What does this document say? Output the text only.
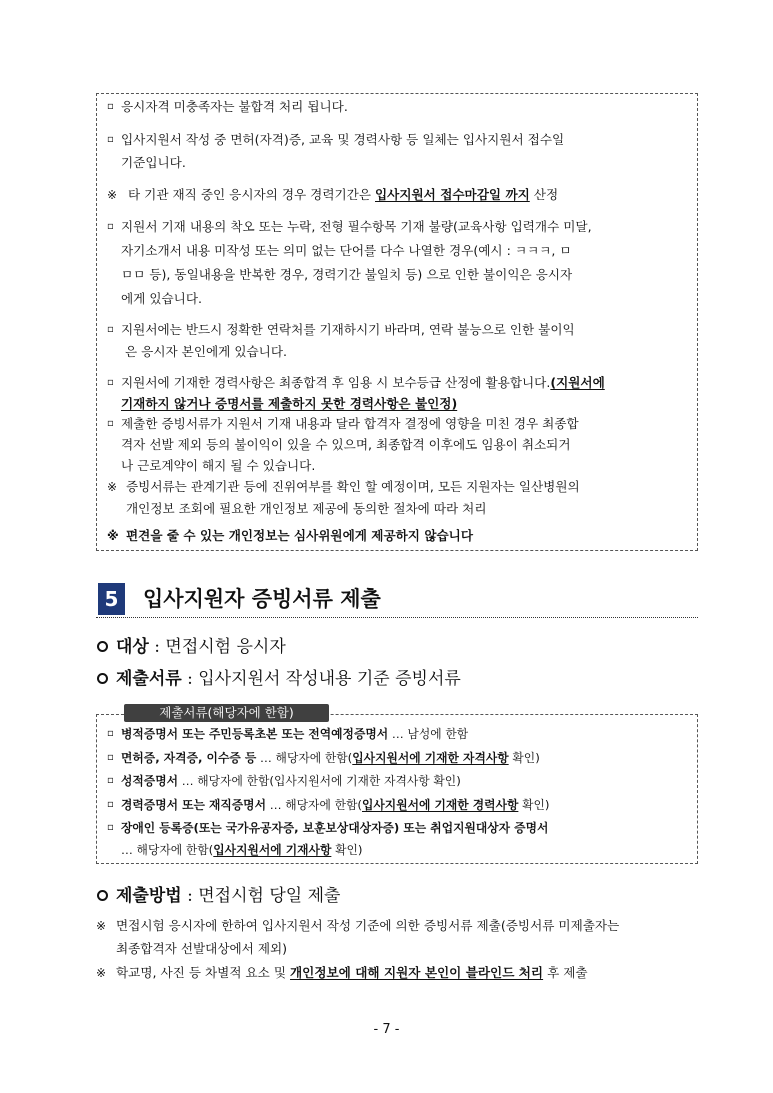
▫ 응시자격 미충족자는 불합격 처리 됩니다.
▫ 입사지원서 작성 중 면허(자격)증, 교육 및 경력사항 등 일체는 입사지원서 접수일
기준입니다.
※ 타 기관 재직 중인 응시자의 경우 경력기간은 입사지원서 접수마감일 까지 산정
▫ 지원서 기재 내용의 착오 또는 누락, 전형 필수항목 기재 불량(교육사항 입력개수 미달,
자기소개서 내용 미작성 또는 의미 없는 단어를 다수 나열한 경우(예시 : ㅋㅋㅋ, ㅁ
ㅁㅁ 등), 동일내용을 반복한 경우, 경력기간 불일치 등) 으로 인한 불이익은 응시자
에게 있습니다.
▫ 지원서에는 반드시 정확한 연락처를 기재하시기 바라며, 연락 불능으로 인한 불이익
은 응시자 본인에게 있습니다.
▫ 지원서에 기재한 경력사항은 최종합격 후 임용 시 보수등급 산정에 활용합니다.(지원서에
기재하지 않거나 증명서를 제출하지 못한 경력사항은 불인정)
▫ 제출한 증빙서류가 지원서 기재 내용과 달라 합격자 결정에 영향을 미친 경우 최종합
격자 선발 제외 등의 불이익이 있을 수 있으며, 최종합격 이후에도 임용이 취소되거
나 근로계약이 해지 될 수 있습니다.
※ 증빙서류는 관계기관 등에 진위여부를 확인 할 예정이며, 모든 지원자는 일산병원의
개인정보 조회에 필요한 개인정보 제공에 동의한 절차에 따라 처리
※ 편견을 줄 수 있는 개인정보는 심사위원에게 제공하지 않습니다
5	입사지원자 증빙서류 제출
대상 : 면접시험 응시자
제출서류 : 입사지원서 작성내용 기준 증빙서류
제출서류(해당자에 한함)
▫ 병적증명서 또는 주민등록초본 또는 전역예정증명서 … 남성에 한함
▫ 면허증, 자격증, 이수증 등 … 해당자에 한함(입사지원서에 기재한 자격사항 확인)
▫ 성적증명서 … 해당자에 한함(입사지원서에 기재한 자격사항 확인)
▫ 경력증명서 또는 재직증명서 … 해당자에 한함(입사지원서에 기재한 경력사항 확인)
▫ 장애인 등록증(또는 국가유공자증, 보훈보상대상자증) 또는 취업지원대상자 증명서
… 해당자에 한함(입사지원서에 기재사항 확인)
제출방법 : 면접시험 당일 제출
※ 면접시험 응시자에 한하여 입사지원서 작성 기준에 의한 증빙서류 제출(증빙서류 미제출자는
최종합격자 선발대상에서 제외)
※ 학교명, 사진 등 차별적 요소 및 개인정보에 대해 지원자 본인이 블라인드 처리 후 제출
- 7 -
